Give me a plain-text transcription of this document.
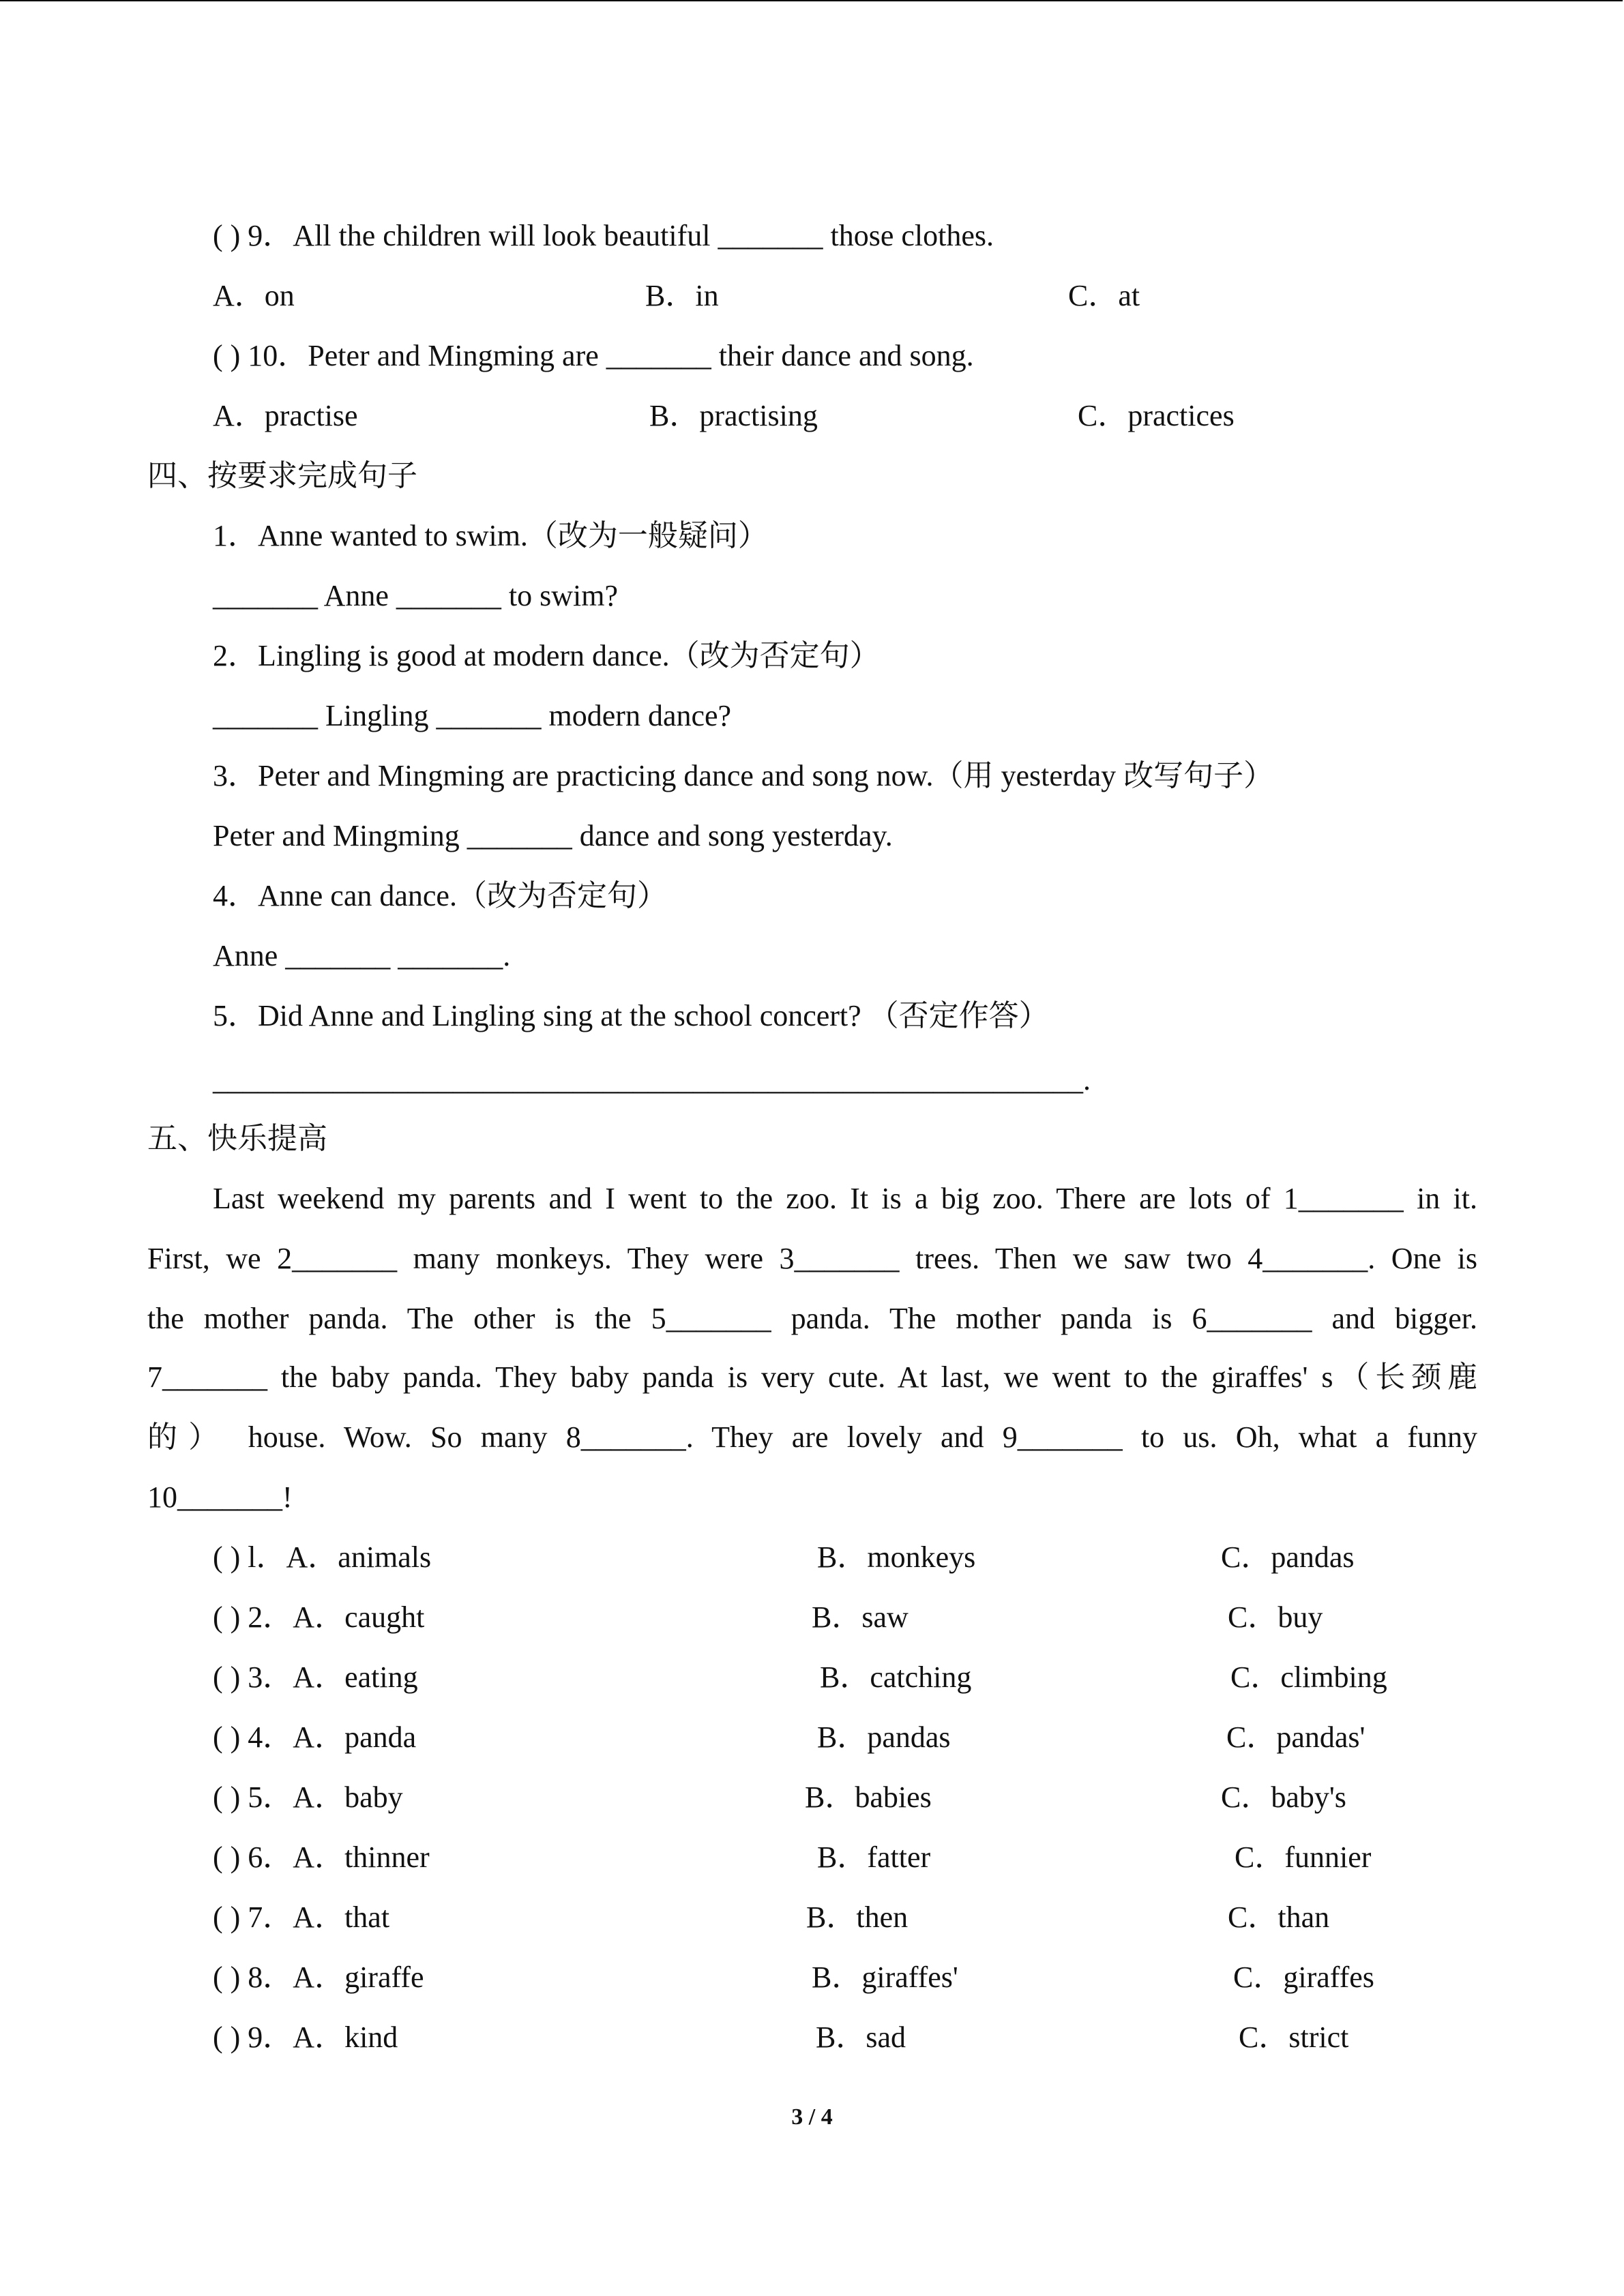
( ) 9．All the children will look beautiful _______ those clothes.
A．on	B．in	C．at
( ) 10．Peter and Mingming are _______ their dance and song.
A．practise	B．practising	C．practices
四、按要求完成句子
1．Anne wanted to swim.（改为一般疑问）
_______ Anne _______ to swim?
2．Lingling is good at modern dance.（改为否定句）
_______ Lingling _______ modern dance?
3．Peter and Mingming are practicing dance and song now.（用 yesterday 改写句子）
Peter and Mingming _______ dance and song yesterday.
4．Anne can dance.（改为否定句）
Anne _______ _______.
5．Did Anne and Lingling sing at the school concert? （否定作答）
__________________________________________________________.
五、快乐提高
Last weekend my parents and I went to the zoo. It is a big zoo. There are lots of 1_______ in it.
First, we 2_______ many monkeys. They were 3_______ trees. Then we saw two 4_______. One is
the mother panda. The other is the 5_______ panda. The mother panda is 6_______ and bigger.
7_______ the baby panda. They baby panda is very cute. At last, we went to the giraffes' s（长颈鹿
的） house. Wow. So many 8_______. They are lovely and 9_______ to us. Oh, what a funny
10_______!
( ) l．A．animals	B．monkeys	C．pandas
( ) 2．A．caught	B．saw	C．buy
( ) 3．A．eating	B．catching	C．climbing
( ) 4．A．panda	B．pandas	C．pandas'
( ) 5．A．baby	B．babies	C．baby's
( ) 6．A．thinner	B．fatter	C．funnier
( ) 7．A．that	B．then	C．than
( ) 8．A．giraffe	B．giraffes'	C．giraffes
( ) 9．A．kind	B．sad	C．strict
3 / 4
